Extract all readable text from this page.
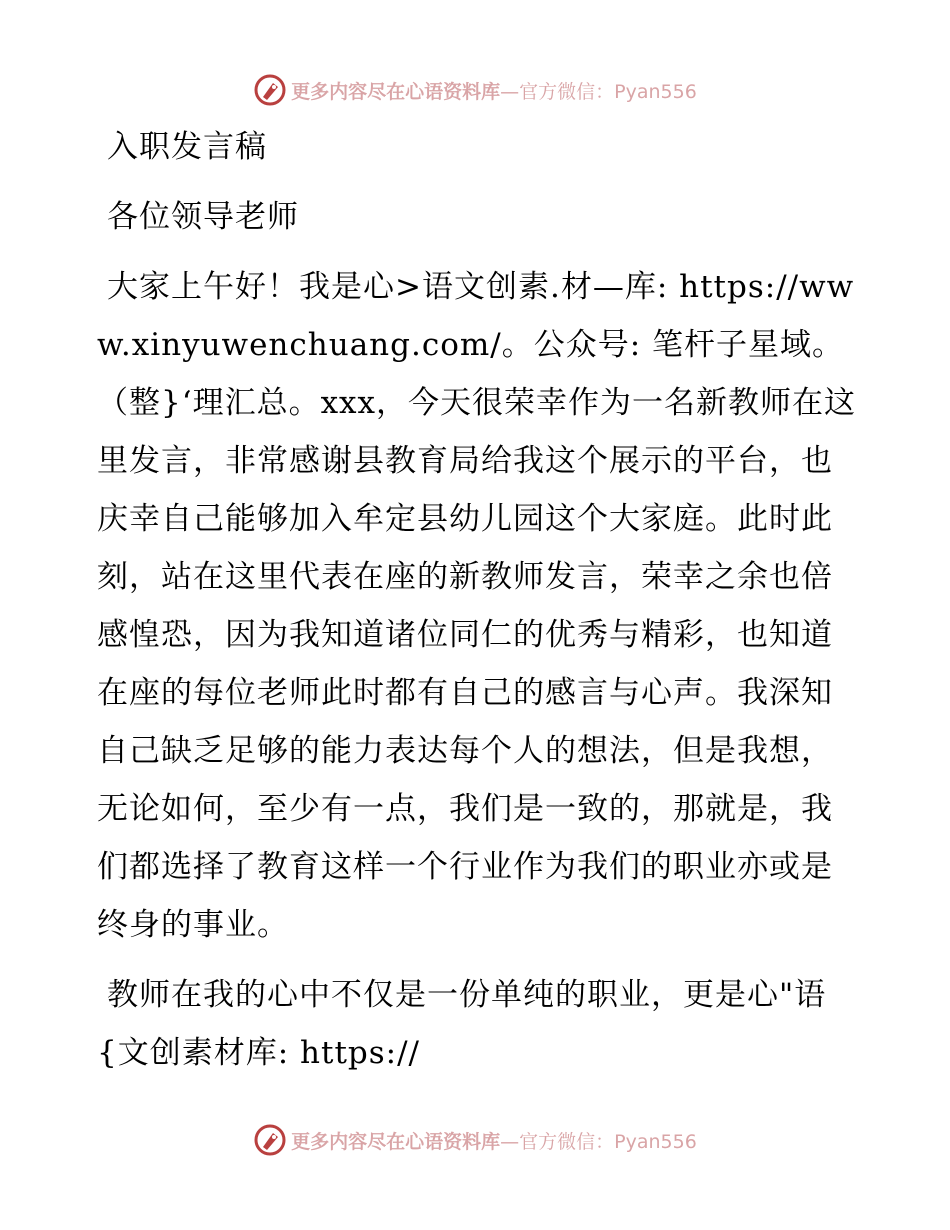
更多内容尽在心语资料库 —官方微信：Pyan556

入职发言稿

各位领导老师

大家上午好！我是心>语文创素.材—库: https://www.xinyuwenchuang.com/。公众号: 笔杆子星域。（整}‘理汇总。xxx，今天很荣幸作为一名新教师在这里发言，非常感谢县教育局给我这个展示的平台，也庆幸自己能够加入牟定县幼儿园这个大家庭。此时此刻，站在这里代表在座的新教师发言，荣幸之余也倍感惶恐，因为我知道诸位同仁的优秀与精彩，也知道在座的每位老师此时都有自己的感言与心声。我深知自己缺乏足够的能力表达每个人的想法，但是我想，无论如何，至少有一点，我们是一致的，那就是，我们都选择了教育这样一个行业作为我们的职业亦或是终身的事业。

教师在我的心中不仅是一份单纯的职业，更是心"语{文创素材库: https://

更多内容尽在心语资料库 —官方微信：Pyan556
